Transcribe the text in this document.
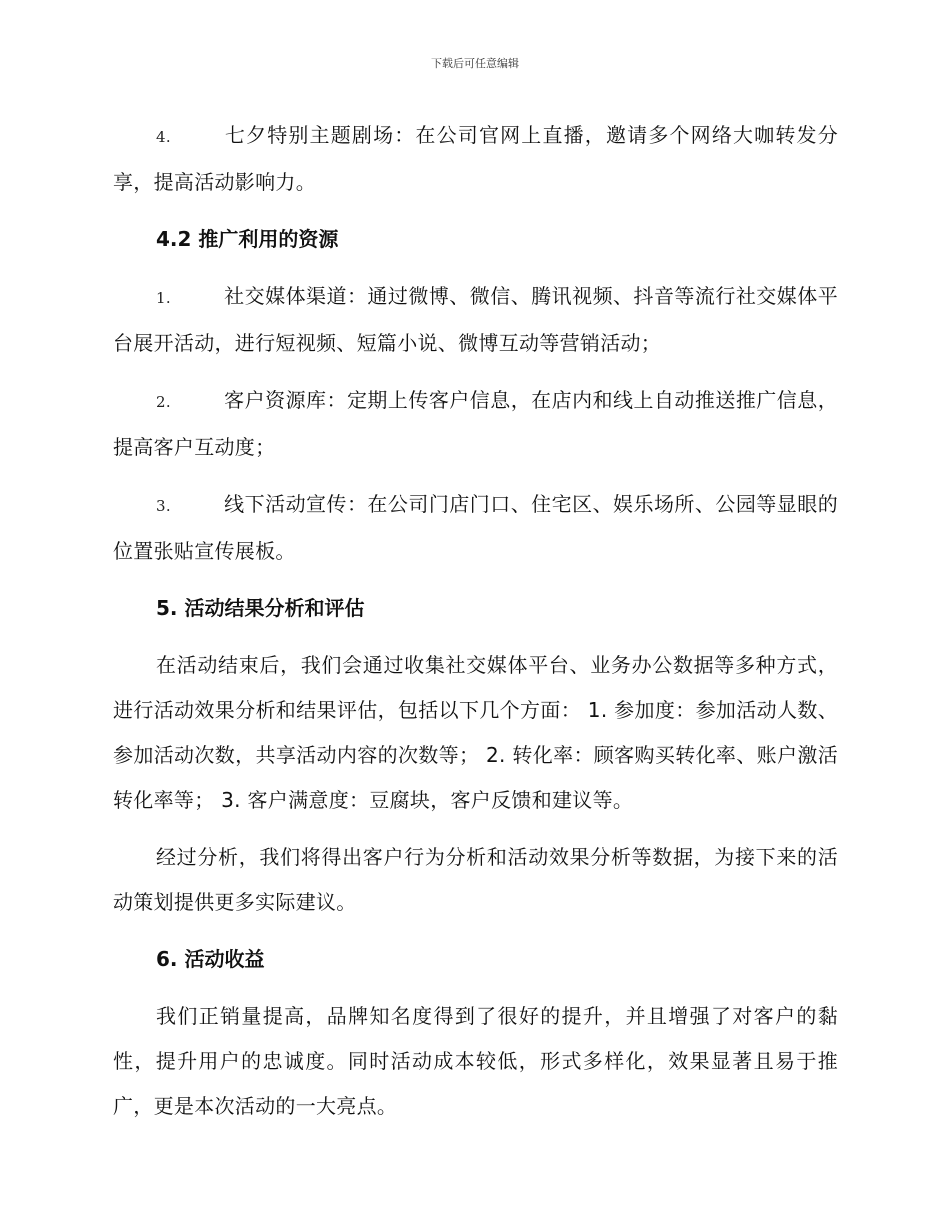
下载后可任意编辑

4.	七夕特别主题剧场：在公司官网上直播，邀请多个网络大咖转发分享，提高活动影响力。

4.2 推广利用的资源

1.	社交媒体渠道：通过微博、微信、腾讯视频、抖音等流行社交媒体平台展开活动，进行短视频、短篇小说、微博互动等营销活动；

2.	客户资源库：定期上传客户信息，在店内和线上自动推送推广信息，提高客户互动度；

3.	线下活动宣传：在公司门店门口、住宅区、娱乐场所、公园等显眼的位置张贴宣传展板。

5. 活动结果分析和评估

在活动结束后，我们会通过收集社交媒体平台、业务办公数据等多种方式，进行活动效果分析和结果评估，包括以下几个方面： 1. 参加度：参加活动人数、参加活动次数，共享活动内容的次数等； 2. 转化率：顾客购买转化率、账户激活转化率等； 3. 客户满意度：豆腐块，客户反馈和建议等。

经过分析，我们将得出客户行为分析和活动效果分析等数据，为接下来的活动策划提供更多实际建议。

6. 活动收益

我们正销量提高，品牌知名度得到了很好的提升，并且增强了对客户的黏性，提升用户的忠诚度。同时活动成本较低，形式多样化，效果显著且易于推广，更是本次活动的一大亮点。
